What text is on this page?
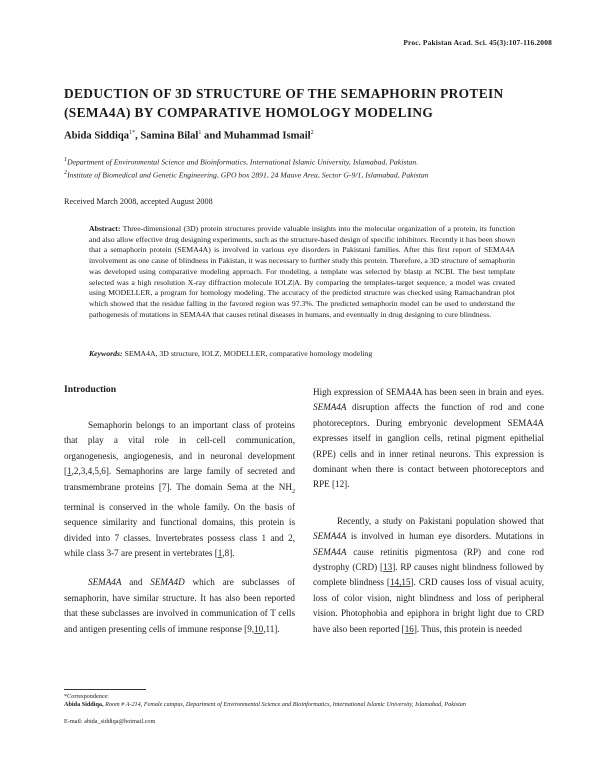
Proc. Pakistan Acad. Sci. 45(3):107-116.2008
DEDUCTION OF 3D STRUCTURE OF THE SEMAPHORIN PROTEIN (SEMA4A) BY COMPARATIVE HOMOLOGY MODELING
Abida Siddiqa$^{1*}$, Samina Bilal$^1$ and Muhammad Ismail$^2$
$^1$Department of Environmental Science and Bioinformatics, International Islamic University, Islamabad, Pakistan.
$^2$Institute of Biomedical and Genetic Engineering, GPO box 2891, 24 Mauve Area, Sector G-9/1, Islamabad, Pakistan
Received March 2008, accepted August 2008

Abstract: Three-dimensional (3D) protein structures provide valuable insights into the molecular organization of a protein, its function and also allow effective drug designing experiments, such as the structure-based design of specific inhibitors. Recently it has been shown that a semaphorin protein (SEMA4A) is involved in various eye disorders in Pakistani families. After this first report of SEMA4A involvement as one cause of blindness in Pakistan, it was necessary to further study this protein. Therefore, a 3D structure of semaphorin was developed using comparative modeling approach. For modeling, a template was selected by blastp at NCBI. The best template selected was a high resolution X-ray diffraction molecule IOLZ|A. By comparing the templates-target sequence, a model was created using MODELLER, a program for homology modeling. The accuracy of the predicted structure was checked using Ramachandran plot which showed that the residue falling in the favored region was 97.3%. The predicted semaphorin model can be used to understand the pathogenesis of mutations in SEMA4A that causes retinal diseases in humans, and eventually in drug designing to cure blindness.

Keywords: SEMA4A, 3D structure, IOLZ, MODELLER, comparative homology modeling
Introduction
Semaphorin belongs to an important class of proteins that play a vital role in cell-cell communication, organogenesis, angiogenesis, and in neuronal development [1,2,3,4,5,6]. Semaphorins are large family of secreted and transmembrane proteins [7]. The domain Sema at the $NH_2$ terminal is conserved in the whole family. On the basis of sequence similarity and functional domains, this protein is divided into 7 classes. Invertebrates possess class 1 and 2, while class 3-7 are present in vertebrates [1,8].
SEMA4A and SEMA4D which are subclasses of semaphorin, have similar structure. It has also been reported that these subclasses are involved in communication of T cells and antigen presenting cells of immune response [9,10,11].
High expression of SEMA4A has been seen in brain and eyes. SEMA4A disruption affects the function of rod and cone photoreceptors. During embryonic development SEMA4A expresses itself in ganglion cells, retinal pigment epithelial (RPE) cells and in inner retinal neurons. This expression is dominant when there is contact between photoreceptors and RPE [12].
Recently, a study on Pakistani population showed that SEMA4A is involved in human eye disorders. Mutations in SEMA4A cause retinitis pigmentosa (RP) and cone rod dystrophy (CRD) [13]. RP causes night blindness followed by complete blindness [14,15]. CRD causes loss of visual acuity, loss of color vision, night blindness and loss of peripheral vision. Photophobia and epiphora in bright light due to CRD have also been reported [16]. Thus, this protein is needed
*Correspondence:
Abida Siddiqa, Room # A-214, Female campus, Department of Environmental Science and Bioinformatics, International Islamic University, Islamabad, Pakistan
E-mail: abida_siddiqa@hotmail.com
